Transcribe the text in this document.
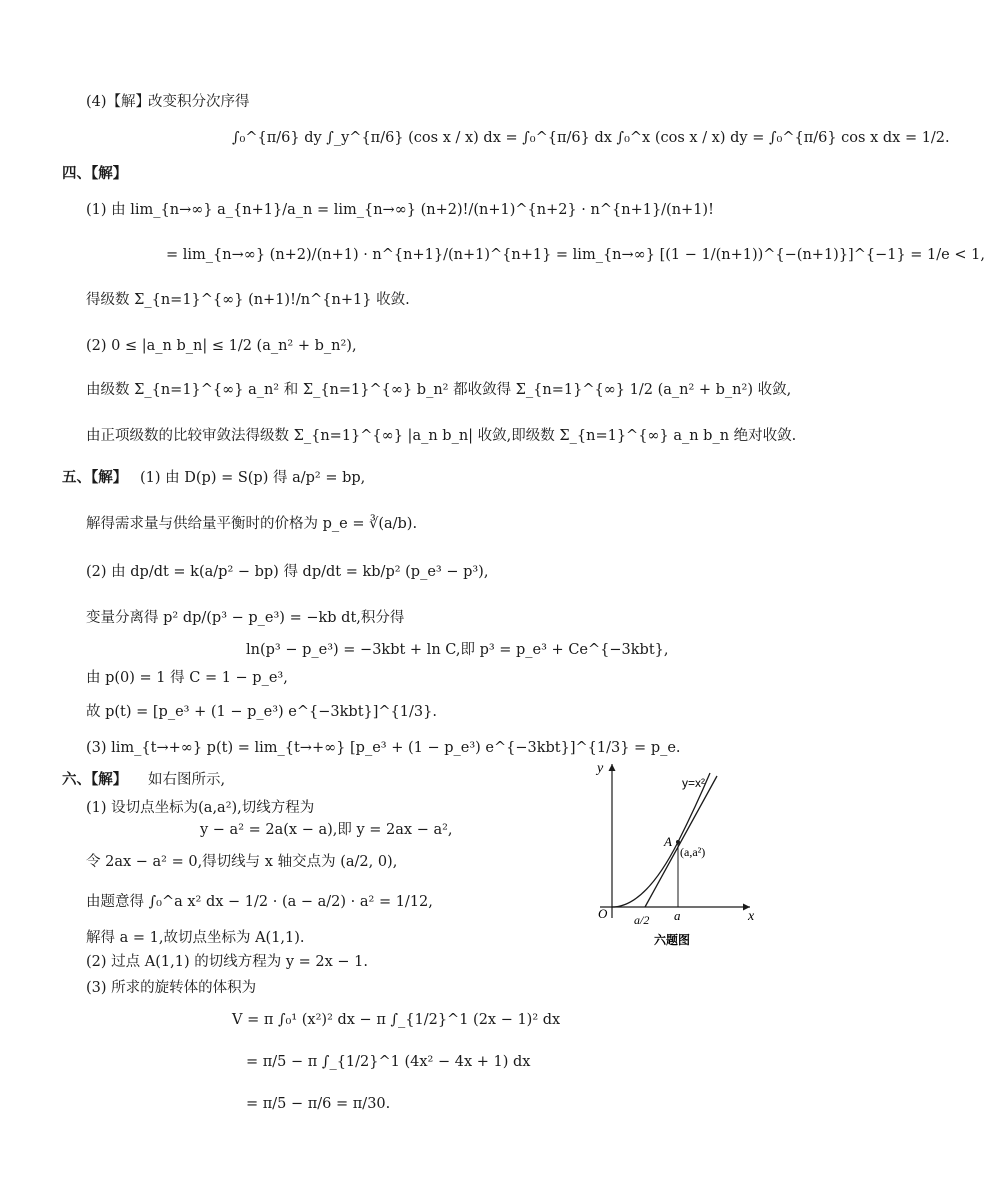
(4)【解】
改变积分次序得
∫₀^{π/6} dy ∫_y^{π/6} (cos x / x) dx = ∫₀^{π/6} dx ∫₀^x (cos x / x) dy = ∫₀^{π/6} cos x dx = 1/2.
四、【解】
(1) 由 lim_{n→∞} a_{n+1}/a_n = lim_{n→∞} (n+2)!/(n+1)^{n+2} · n^{n+1}/(n+1)!
= lim_{n→∞} (n+2)/(n+1) · n^{n+1}/(n+1)^{n+1} = lim_{n→∞} [(1 − 1/(n+1))^{−(n+1)}]^{−1} = 1/e < 1,
得级数 Σ_{n=1}^{∞} (n+1)!/n^{n+1} 收敛.
(2) 0 ≤ |a_n b_n| ≤ 1/2 (a_n² + b_n²),
由级数 Σ_{n=1}^{∞} a_n² 和 Σ_{n=1}^{∞} b_n² 都收敛得 Σ_{n=1}^{∞} 1/2 (a_n² + b_n²) 收敛,
由正项级数的比较审敛法得级数 Σ_{n=1}^{∞} |a_n b_n| 收敛,即级数 Σ_{n=1}^{∞} a_n b_n 绝对收敛.
五、【解】 (1) 由 D(p) = S(p) 得 a/p² = bp,
解得需求量与供给量平衡时的价格为 p_e = ∛(a/b).
(2) 由 dp/dt = k(a/p² − bp) 得 dp/dt = kb/p² (p_e³ − p³),
变量分离得 p² dp/(p³ − p_e³) = −kb dt,积分得
ln(p³ − p_e³) = −3kbt + ln C,即 p³ = p_e³ + Ce^{−3kbt},
由 p(0) = 1 得 C = 1 − p_e³,
故 p(t) = [p_e³ + (1 − p_e³) e^{−3kbt}]^{1/3}.
(3) lim_{t→+∞} p(t) = lim_{t→+∞} [p_e³ + (1 − p_e³) e^{−3kbt}]^{1/3} = p_e.
六、【解】 如右图所示,
(1) 设切点坐标为(a,a²),切线方程为
y − a² = 2a(x − a),即 y = 2ax − a²,
令 2ax − a² = 0,得切线与 x 轴交点为 (a/2, 0),
由题意得 ∫₀^a x² dx − 1/2 · (a − a/2) · a² = 1/12,
解得 a = 1,故切点坐标为 A(1,1).
(2) 过点 A(1,1) 的切线方程为 y = 2x − 1.
(3) 所求的旋转体的体积为
V = π ∫₀¹ (x²)² dx − π ∫_{1/2}^1 (2x − 1)² dx
= π/5 − π ∫_{1/2}^1 (4x² − 4x + 1) dx
= π/5 − π/6 = π/30.
y
x
O
y=x²
A
(a,a²)
a/2 a
六题图
